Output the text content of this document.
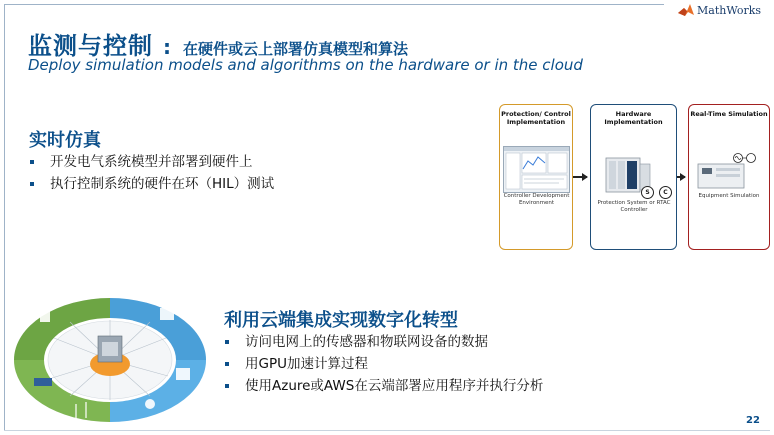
MathWorks
监测与控制 : 在硬件或云上部署仿真模型和算法
Deploy simulation models and algorithms on the hardware or in the cloud
实时仿真
开发电气系统模型并部署到硬件上
执行控制系统的硬件在环（HIL）测试
Protection/ Control Implementation
Hardware Implementation
Real-Time Simulation
Controller Development Environment
S	C
Protection System or RTAC Controller
Equipment Simulation
利用云端集成实现数字化转型
访问电网上的传感器和物联网设备的数据
用GPU加速计算过程
使用Azure或AWS在云端部署应用程序并执行分析
22
